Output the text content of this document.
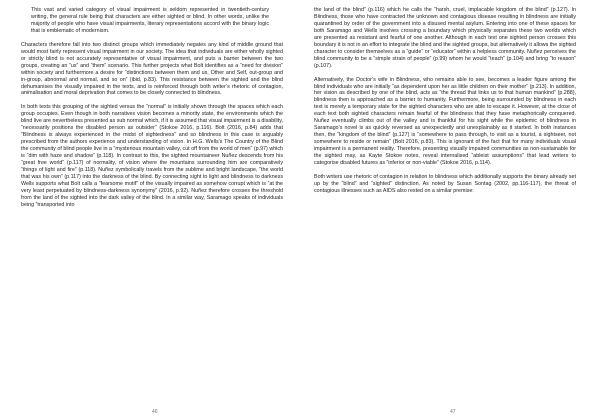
This vast and varied category of visual impairment is seldom represented in twentieth-century writing, the general rule being that characters are either sighted or blind. In other words, unlike the majority of people who have visual impairments, literary representations accord with the binary logic that is emblematic of modernism.

Characters therefore fall into two distinct groups which immediately negates any kind of middle ground that would most fairly represent visual impairment in our society. The idea that individuals are either wholly sighted or strictly blind is not accurately representative of visual impairment, and puts a barrier between the two groups, creating an “us” and “them” scenario. This further projects what Bolt identifies as a “need for division” within society and furthermore a desire for “distinctions between them and us, Other and Self, out-group and in-group, abnormal and normal, and so on” (ibid, p.83). This resistance between the sighted and the blind dehumanises the visually impaired in the texts, and is reinforced through both writer’s rhetoric of contagion, animalisation and moral deprivation that comes to be closely connected to blindness.

In both texts this grouping of the sighted versus the “normal” is initially shown through the spaces which each group occupies. Even though in both narratives vision becomes a minority state, the environments which the blind live are nevertheless presented as sub normal which, if it is assumed that visual impairment is a disability, “necessarily positions the disabled person as outsider” (Stokoe 2016, p.116). Bolt (2016, p.84) adds that “Blindness is always experienced in the midst of sightedness” and so blindness in this case is arguably prescribed from the authors experience and understanding of vision. In H.G. Wells’s The Country of the Blind the community of blind people live in a “mysterious mountain valley, cut off from the world of men” (p.97) which is “dim with haze and shadow” (p.118). In contrast to this, the sighted mountaineer Nuñez descends from his “great free world” (p.117) of normality, of vision where the mountains surrounding him are comparatively “things of light and fire” (p.118). Nuñez symbolically travels from the sublime and bright landscape, “the world that was his own” (p.117) into the darkness of the blind. By connecting sight to light and blindness to darkness Wells supports what Bolt calls a “fearsome motif” of the visually impaired as somehow corrupt which is “at the very least perpetuated by blindness-darkness synonymy” (2016, p.92). Nuñez therefore crosses the threshold from the land of the sighted into the dark valley of the blind. In a similar way, Saramago speaks of individuals being “transported into

46

the land of the blind” (p.116) which he calls the “harsh, cruel, implacable kingdom of the blind” (p.127). In Blindness, those who have contracted the unknown and contagious disease resulting in blindness are initially quarantined by order of the government into a disused mental asylum. Entering into one of these spaces for both Saramago and Wells involves crossing a boundary which physically separates these two worlds which are presented as resistant and fearful of one another. Although in each text one sighted person crosses this boundary it is not in an effort to integrate the blind and the sighted groups, but alternatively it allows the sighted character to consider themselves as a “guide” or “educator” within a helpless community. Nuñez perceives the blind community to be a “simple strain of people” (p.99) whom he would “teach” (p.104) and bring “to reason” (p.107).

Alternatively, the Doctor’s wife in Blindness, who remains able to see, becomes a leader figure among the blind individuals who are initially “as dependent upon her as little children on their mother” (p.213). In addition, her vision as described by one of the blind, acts as “the thread that links us to that human mankind” (p.288), blindness then is approached as a barrier to humanity. Furthermore, being surrounded by blindness in each text is merely a temporary state for the sighted characters who are able to escape it. However, at the close of each text both sighted characters remain fearful of the blindness that they have metaphorically conquered. Nuñez eventually climbs out of the valley and is thankful for his sight while the epidemic of blindness in Saramago’s novel is as quickly reversed as unexpectedly and unexplainably as it started. In both instances then, the “kingdom of the blind” (p.127) is “somewhere to pass through, to visit as a tourist, a sightseer, not somewhere to reside or remain” (Bolt 2016, p.83). This is ignorant of the fact that for many individuals visual impairment is a permanent reality. Therefore, presenting visually impaired communities as non-sustainable for the sighted may, as Kayte Stokoe notes, reveal internalised “ableist assumptions” that lead writers to categorise disabled futures as “inferior or non-viable” (Stokoe 2016, p.114).

Both writers use rhetoric of contagion in relation to blindness which additionally supports the binary already set up by the “blind” and “sighted” distinction. As noted by Susan Sontag (2002, pp.116-117), the threat of contagious illnesses such as AIDS also rested on a similar premise:

47
